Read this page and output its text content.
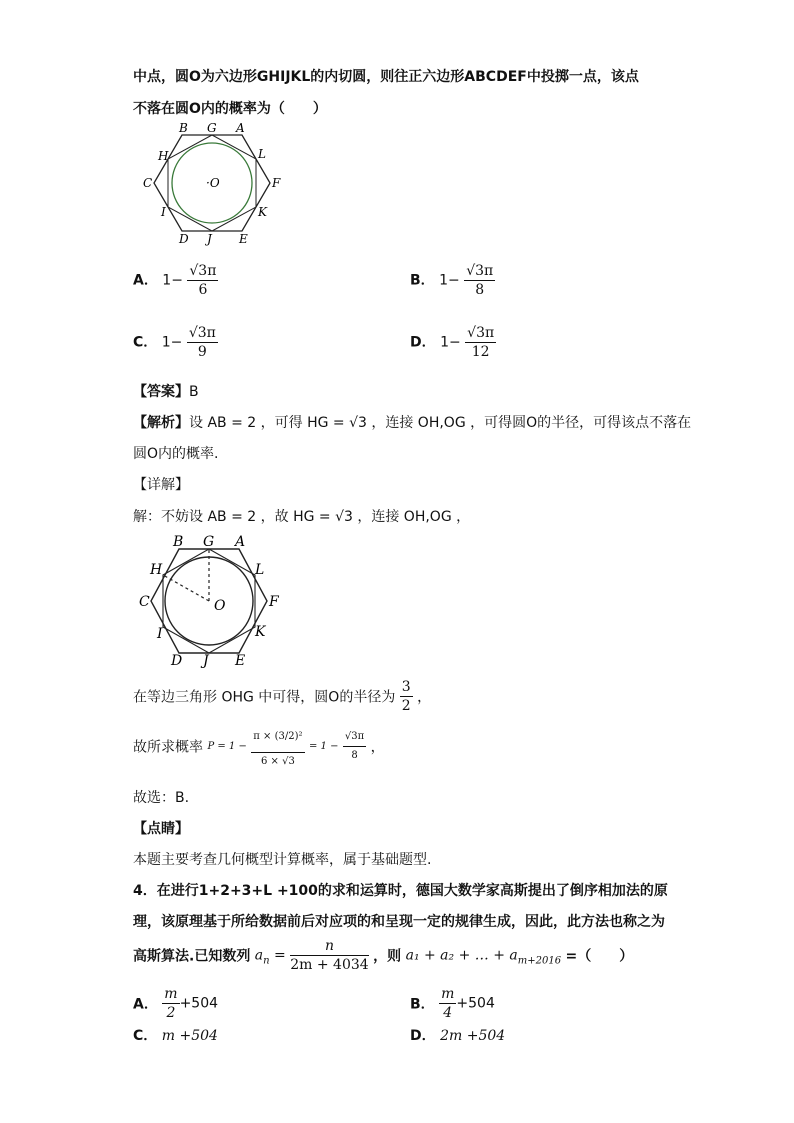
中点，圆O为六边形GHIJKL的内切圆，则往正六边形ABCDEF中投掷一点，该点
不落在圆O内的概率为（　　）
B G A
H	L
C	F
·O
I	K
D J E
A． $1- \frac{√3\pi}{6}$	B． $1- \frac{√3\pi}{8}$
C． $1- \frac{√3\pi}{9}$	D． $1- \frac{√3\pi}{12}$
【答案】B
【解析】设 AB = 2 ，可得 HG = √3 ，连接 OH,OG ，可得圆O的半径，可得该点不落在
圆O内的概率.
【详解】
解：不妨设 AB = 2 ，故 HG = √3 ，连接 OH,OG ，
B G A
H	L
C	F
O
I	K
D J E
在等边三角形 OHG 中可得，圆O的半径为 $\frac{3}{2}$ ，
故所求概率 $P = 1 - \frac{\text{π × (3/2)²}}{6 \times √3} = 1 - \frac{√3\pi}{8}$ ，
故选：B.
【点睛】
本题主要考查几何概型计算概率，属于基础题型.
4．在进行1+2+3+L +100的求和运算时，德国大数学家高斯提出了倒序相加法的原
理，该原理基于所给数据前后对应项的和呈现一定的规律生成，因此，此方法也称之为
高斯算法.已知数列 $a_n = \frac{n}{2m + 4034}$ ，则 a₁ + a₂ + … + $a_{m+2016}$ =（　　）
A． $\frac{m}{2} +504$	B． $\frac{m}{4} +504$
C． m +504	D． 2m +504
